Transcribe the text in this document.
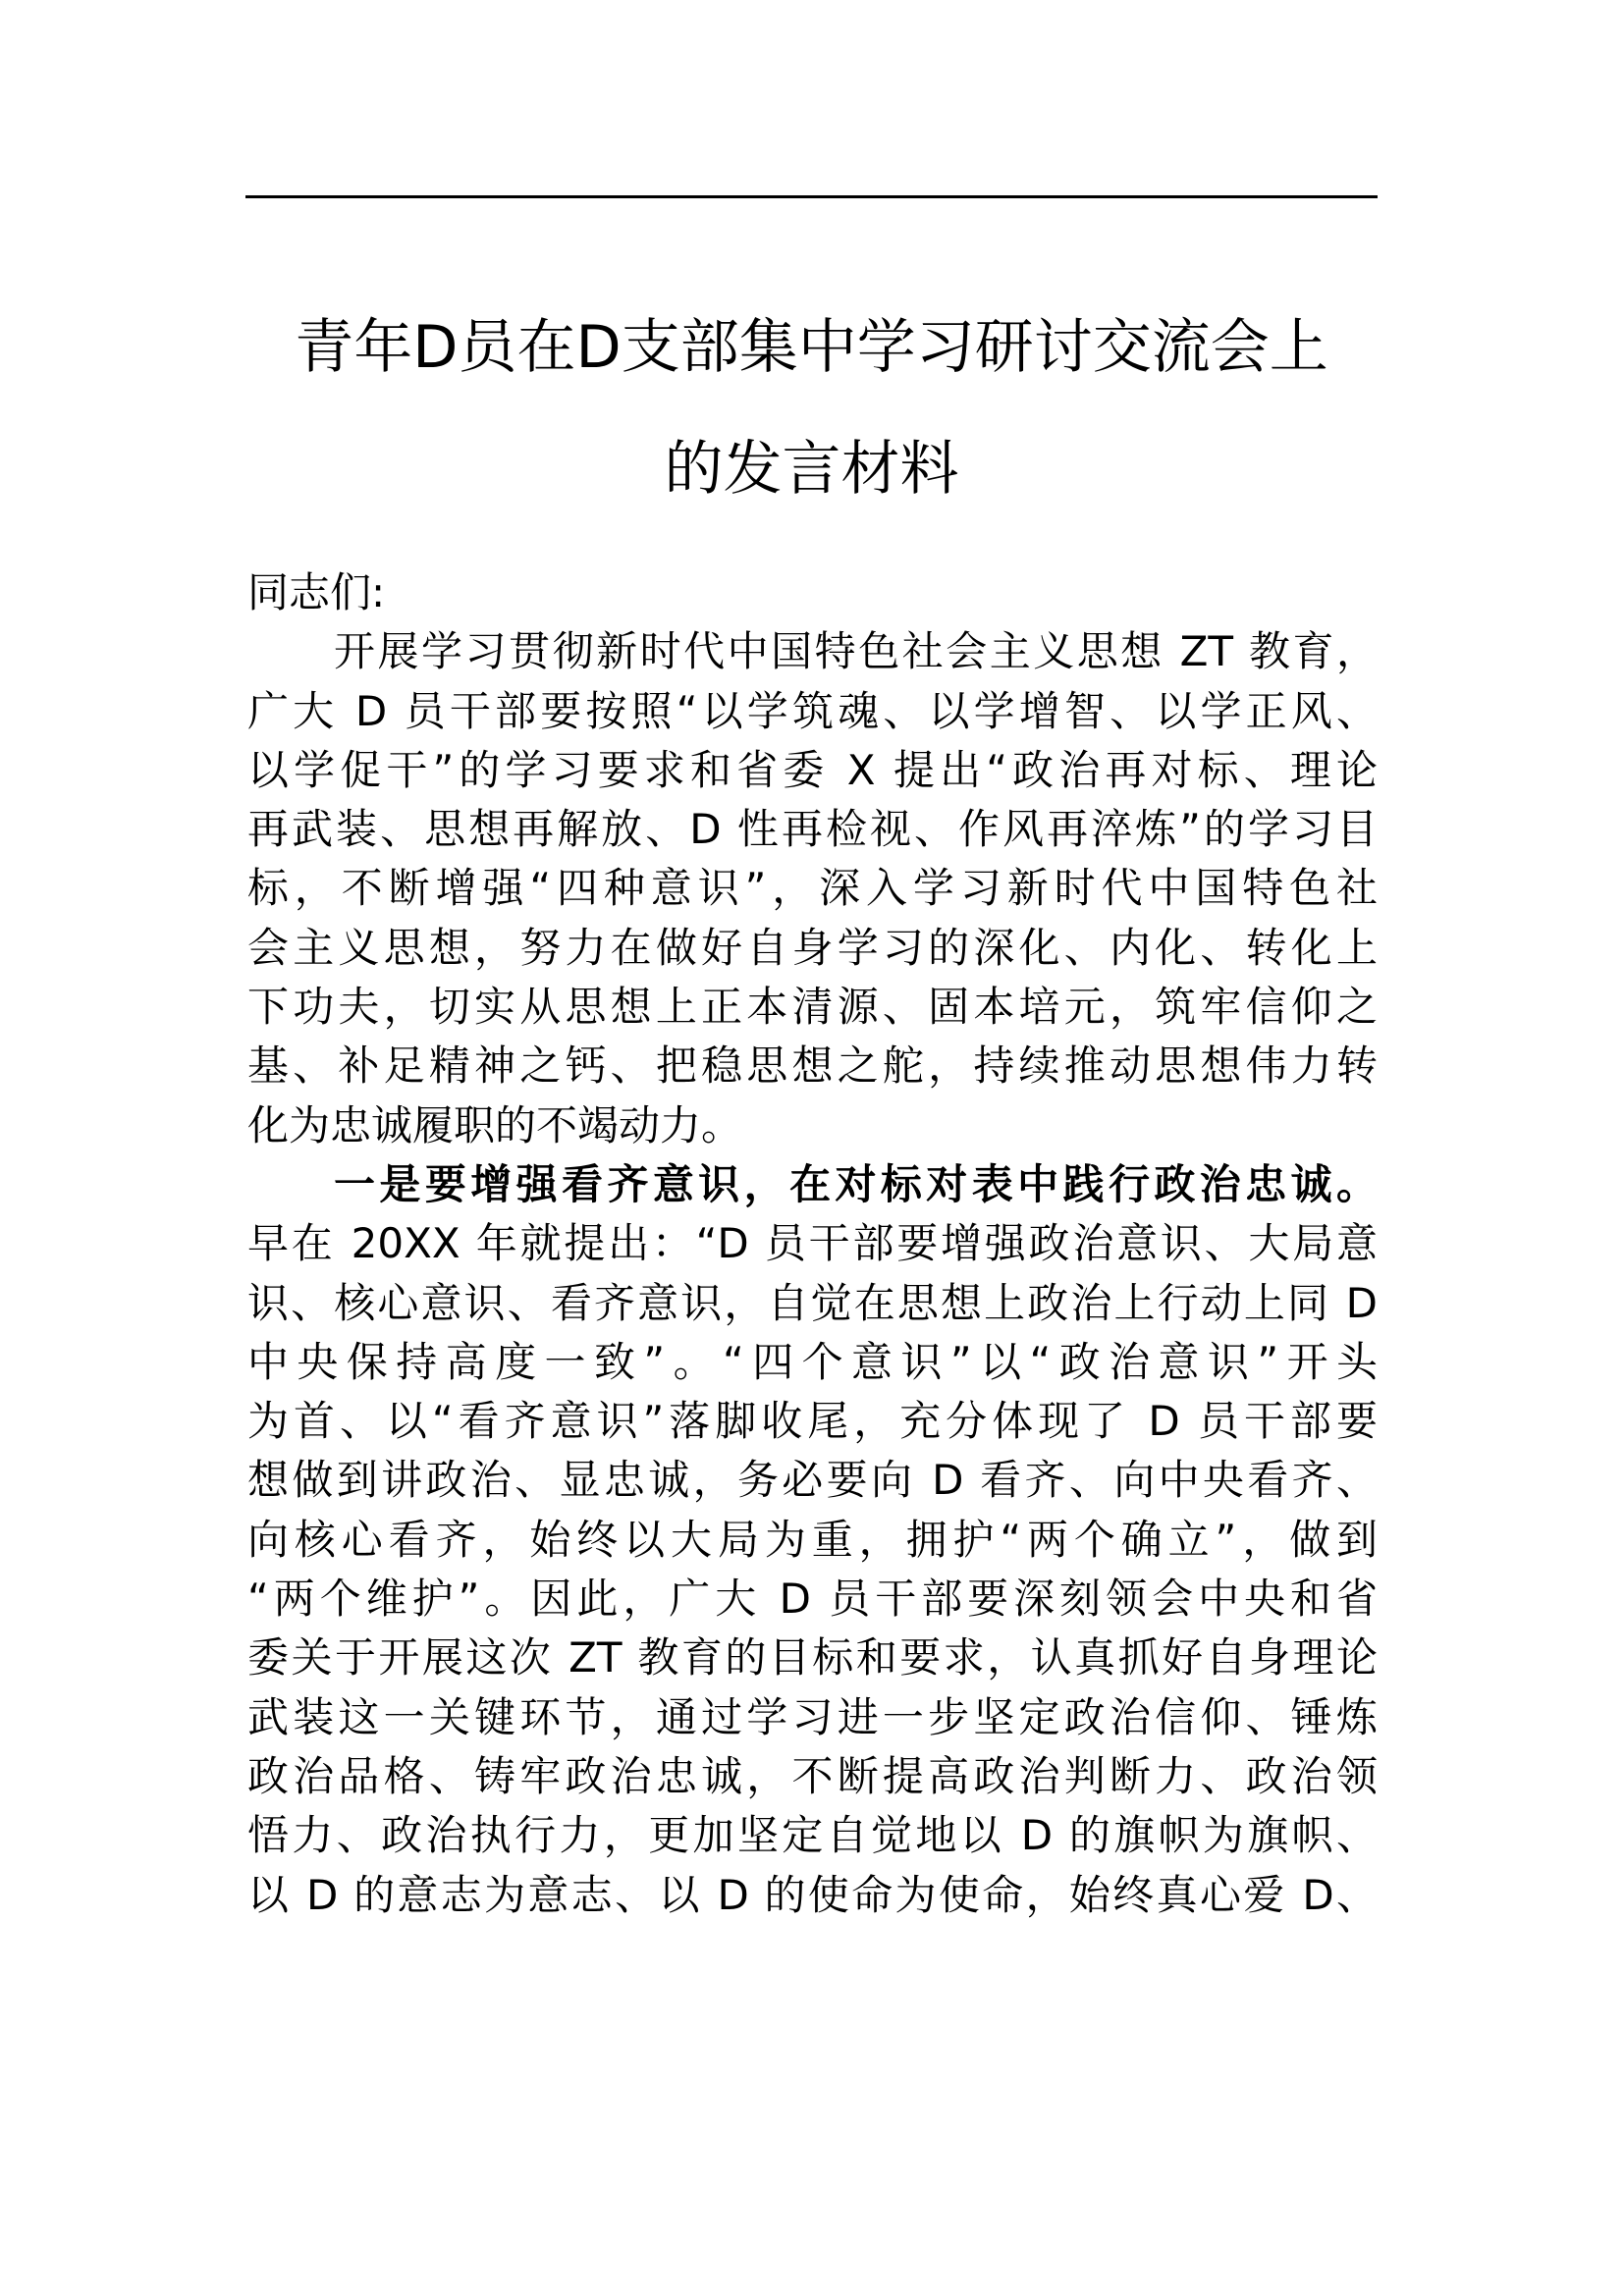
青年D员在D支部集中学习研讨交流会上
的发言材料
同志们:
开展学习贯彻新时代中国特色社会主义思想 ZT 教育，
广大 D 员干部要按照“以学筑魂、以学增智、以学正风、
以学促干”的学习要求和省委 X 提出“政治再对标、理论
再武装、思想再解放、D 性再检视、作风再淬炼”的学习目
标，不断增强“四种意识”，深入学习新时代中国特色社
会主义思想，努力在做好自身学习的深化、内化、转化上
下功夫，切实从思想上正本清源、固本培元，筑牢信仰之
基、补足精神之钙、把稳思想之舵，持续推动思想伟力转
化为忠诚履职的不竭动力。
一是要增强看齐意识，在对标对表中践行政治忠诚。
早在 20XX 年就提出：“D 员干部要增强政治意识、大局意
识、核心意识、看齐意识，自觉在思想上政治上行动上同 D
中央保持高度一致”。“四个意识”以“政治意识”开头
为首、以“看齐意识”落脚收尾，充分体现了 D 员干部要
想做到讲政治、显忠诚，务必要向 D 看齐、向中央看齐、
向核心看齐，始终以大局为重，拥护“两个确立”，做到
“两个维护”。因此，广大 D 员干部要深刻领会中央和省
委关于开展这次 ZT 教育的目标和要求，认真抓好自身理论
武装这一关键环节，通过学习进一步坚定政治信仰、锤炼
政治品格、铸牢政治忠诚，不断提高政治判断力、政治领
悟力、政治执行力，更加坚定自觉地以 D 的旗帜为旗帜、
以 D 的意志为意志、以 D 的使命为使命，始终真心爱 D、
